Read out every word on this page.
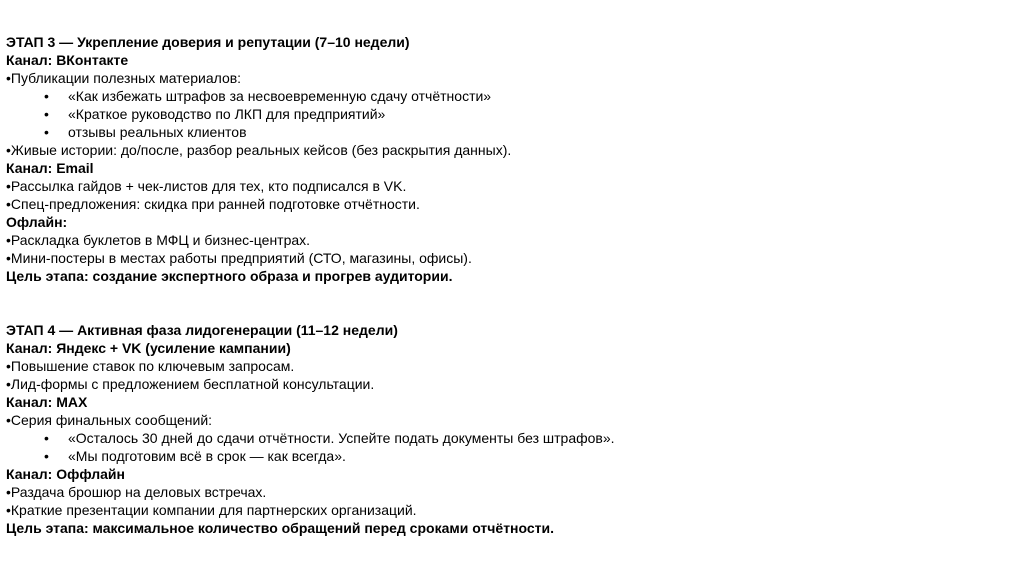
ЭТАП 3 — Укрепление доверия и репутации (7–10 недели)
Канал: ВКонтакте
•Публикации полезных материалов:
• «Как избежать штрафов за несвоевременную сдачу отчётности»
• «Краткое руководство по ЛКП для предприятий»
• отзывы реальных клиентов
•Живые истории: до/после, разбор реальных кейсов (без раскрытия данных).
Канал: Email
•Рассылка гайдов + чек-листов для тех, кто подписался в VK.
•Спец-предложения: скидка при ранней подготовке отчётности.
Офлайн:
•Раскладка буклетов в МФЦ и бизнес-центрах.
•Мини-постеры в местах работы предприятий (СТО, магазины, офисы).
Цель этапа: создание экспертного образа и прогрев аудитории.
ЭТАП 4 — Активная фаза лидогенерации (11–12 недели)
Канал: Яндекс + VK (усиление кампании)
•Повышение ставок по ключевым запросам.
•Лид-формы с предложением бесплатной консультации.
Канал: MAX
•Серия финальных сообщений:
• «Осталось 30 дней до сдачи отчётности. Успейте подать документы без штрафов».
• «Мы подготовим всё в срок — как всегда».
Канал: Оффлайн
•Раздача брошюр на деловых встречах.
•Краткие презентации компании для партнерских организаций.
Цель этапа: максимальное количество обращений перед сроками отчётности.
